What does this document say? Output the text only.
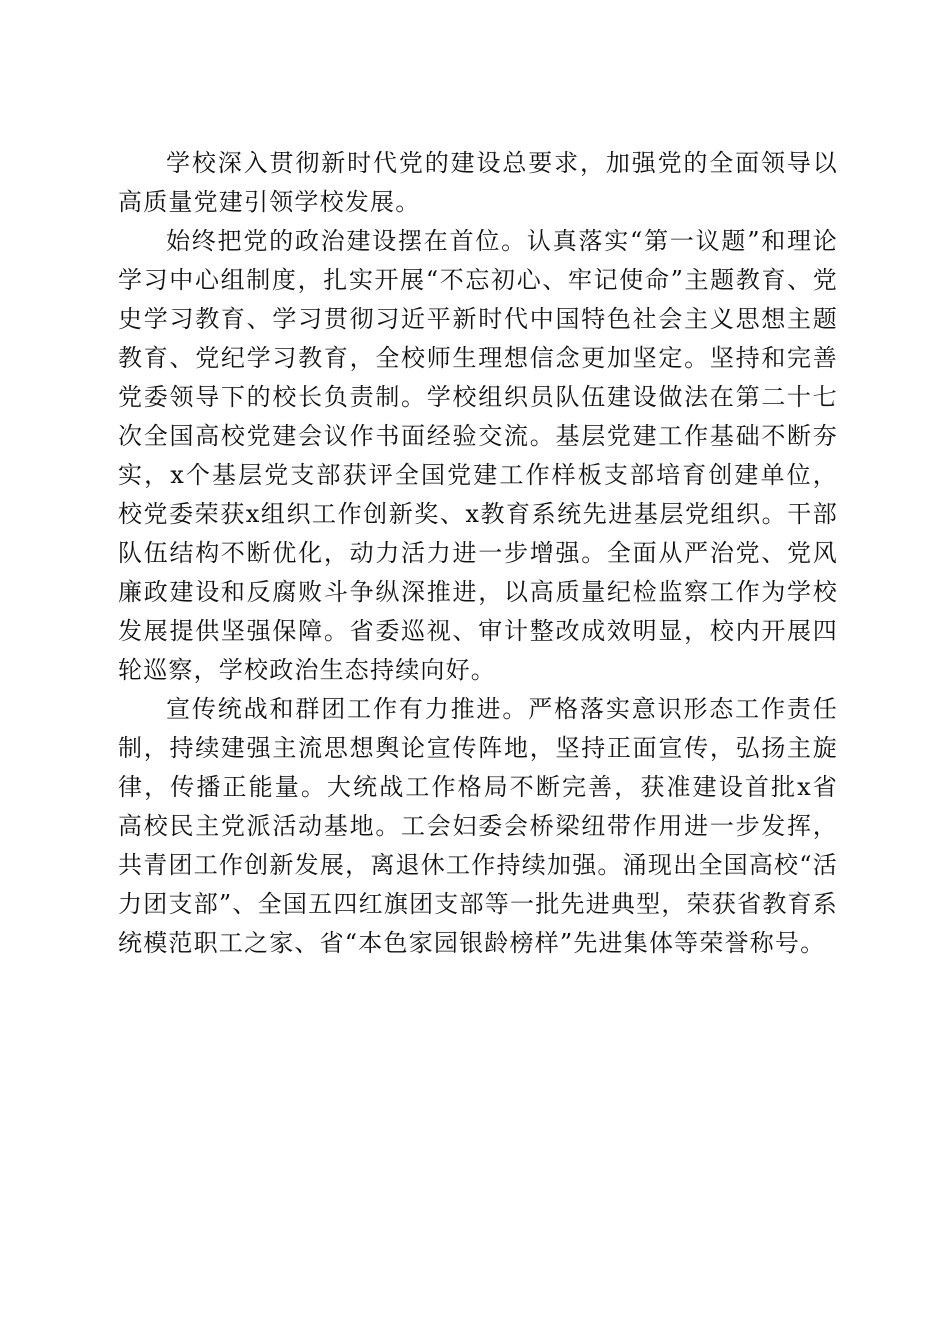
学校深入贯彻新时代党的建设总要求，加强党的全面领导以高质量党建引领学校发展。

始终把党的政治建设摆在首位。认真落实“第一议题”和理论学习中心组制度，扎实开展“不忘初心、牢记使命”主题教育、党史学习教育、学习贯彻习近平新时代中国特色社会主义思想主题教育、党纪学习教育，全校师生理想信念更加坚定。坚持和完善党委领导下的校长负责制。学校组织员队伍建设做法在第二十七次全国高校党建会议作书面经验交流。基层党建工作基础不断夯实，x个基层党支部获评全国党建工作样板支部培育创建单位，校党委荣获x组织工作创新奖、x教育系统先进基层党组织。干部队伍结构不断优化，动力活力进一步增强。全面从严治党、党风廉政建设和反腐败斗争纵深推进，以高质量纪检监察工作为学校发展提供坚强保障。省委巡视、审计整改成效明显，校内开展四轮巡察，学校政治生态持续向好。

宣传统战和群团工作有力推进。严格落实意识形态工作责任制，持续建强主流思想舆论宣传阵地，坚持正面宣传，弘扬主旋律，传播正能量。大统战工作格局不断完善，获准建设首批x省高校民主党派活动基地。工会妇委会桥梁纽带作用进一步发挥，共青团工作创新发展，离退休工作持续加强。涌现出全国高校“活力团支部”、全国五四红旗团支部等一批先进典型，荣获省教育系统模范职工之家、省“本色家园银龄榜样”先进集体等荣誉称号。
